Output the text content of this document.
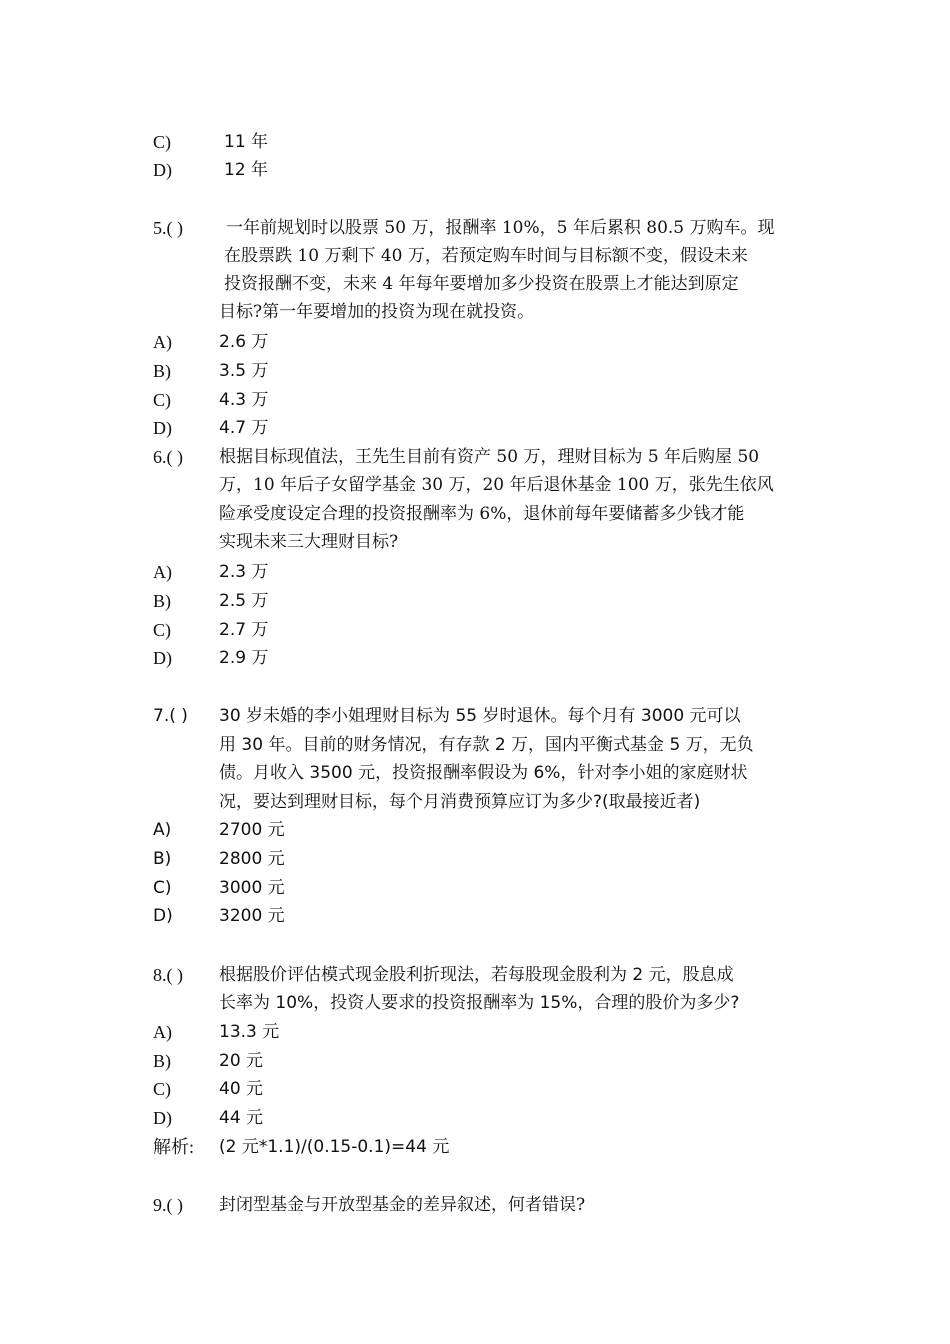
C)	11 年
D)	12 年
5.( )	一年前规划时以股票 50 万，报酬率 10%，5 年后累积 80.5 万购车。现
在股票跌 10 万剩下 40 万，若预定购车时间与目标额不变，假设未来
投资报酬不变，未来 4 年每年要增加多少投资在股票上才能达到原定
目标?第一年要增加的投资为现在就投资。
A)	2.6 万
B)	3.5 万
C)	4.3 万
D)	4.7 万
6.( ) 根据目标现值法，王先生目前有资产 50 万，理财目标为 5 年后购屋 50
万，10 年后子女留学基金 30 万，20 年后退休基金 100 万，张先生依风
险承受度设定合理的投资报酬率为 6%，退休前每年要储蓄多少钱才能
实现未来三大理财目标?
A)	2.3 万
B)	2.5 万
C)	2.7 万
D)	2.9 万
7.( ) 30 岁未婚的李小姐理财目标为 55 岁时退休。每个月有 3000 元可以
用 30 年。目前的财务情况，有存款 2 万，国内平衡式基金 5 万，无负
债。月收入 3500 元，投资报酬率假设为 6%，针对李小姐的家庭财状
况，要达到理财目标，每个月消费预算应订为多少?(取最接近者)
A)	2700 元
B)	2800 元
C)	3000 元
D)	3200 元
8.( ) 根据股价评估模式现金股利折现法，若每股现金股利为 2 元，股息成
长率为 10%，投资人要求的投资报酬率为 15%，合理的股价为多少?
A)	13.3 元
B)	20 元
C)	40 元
D)	44 元
解析: (2 元*1.1)/(0.15-0.1)=44 元
9.( ) 封闭型基金与开放型基金的差异叙述，何者错误?
